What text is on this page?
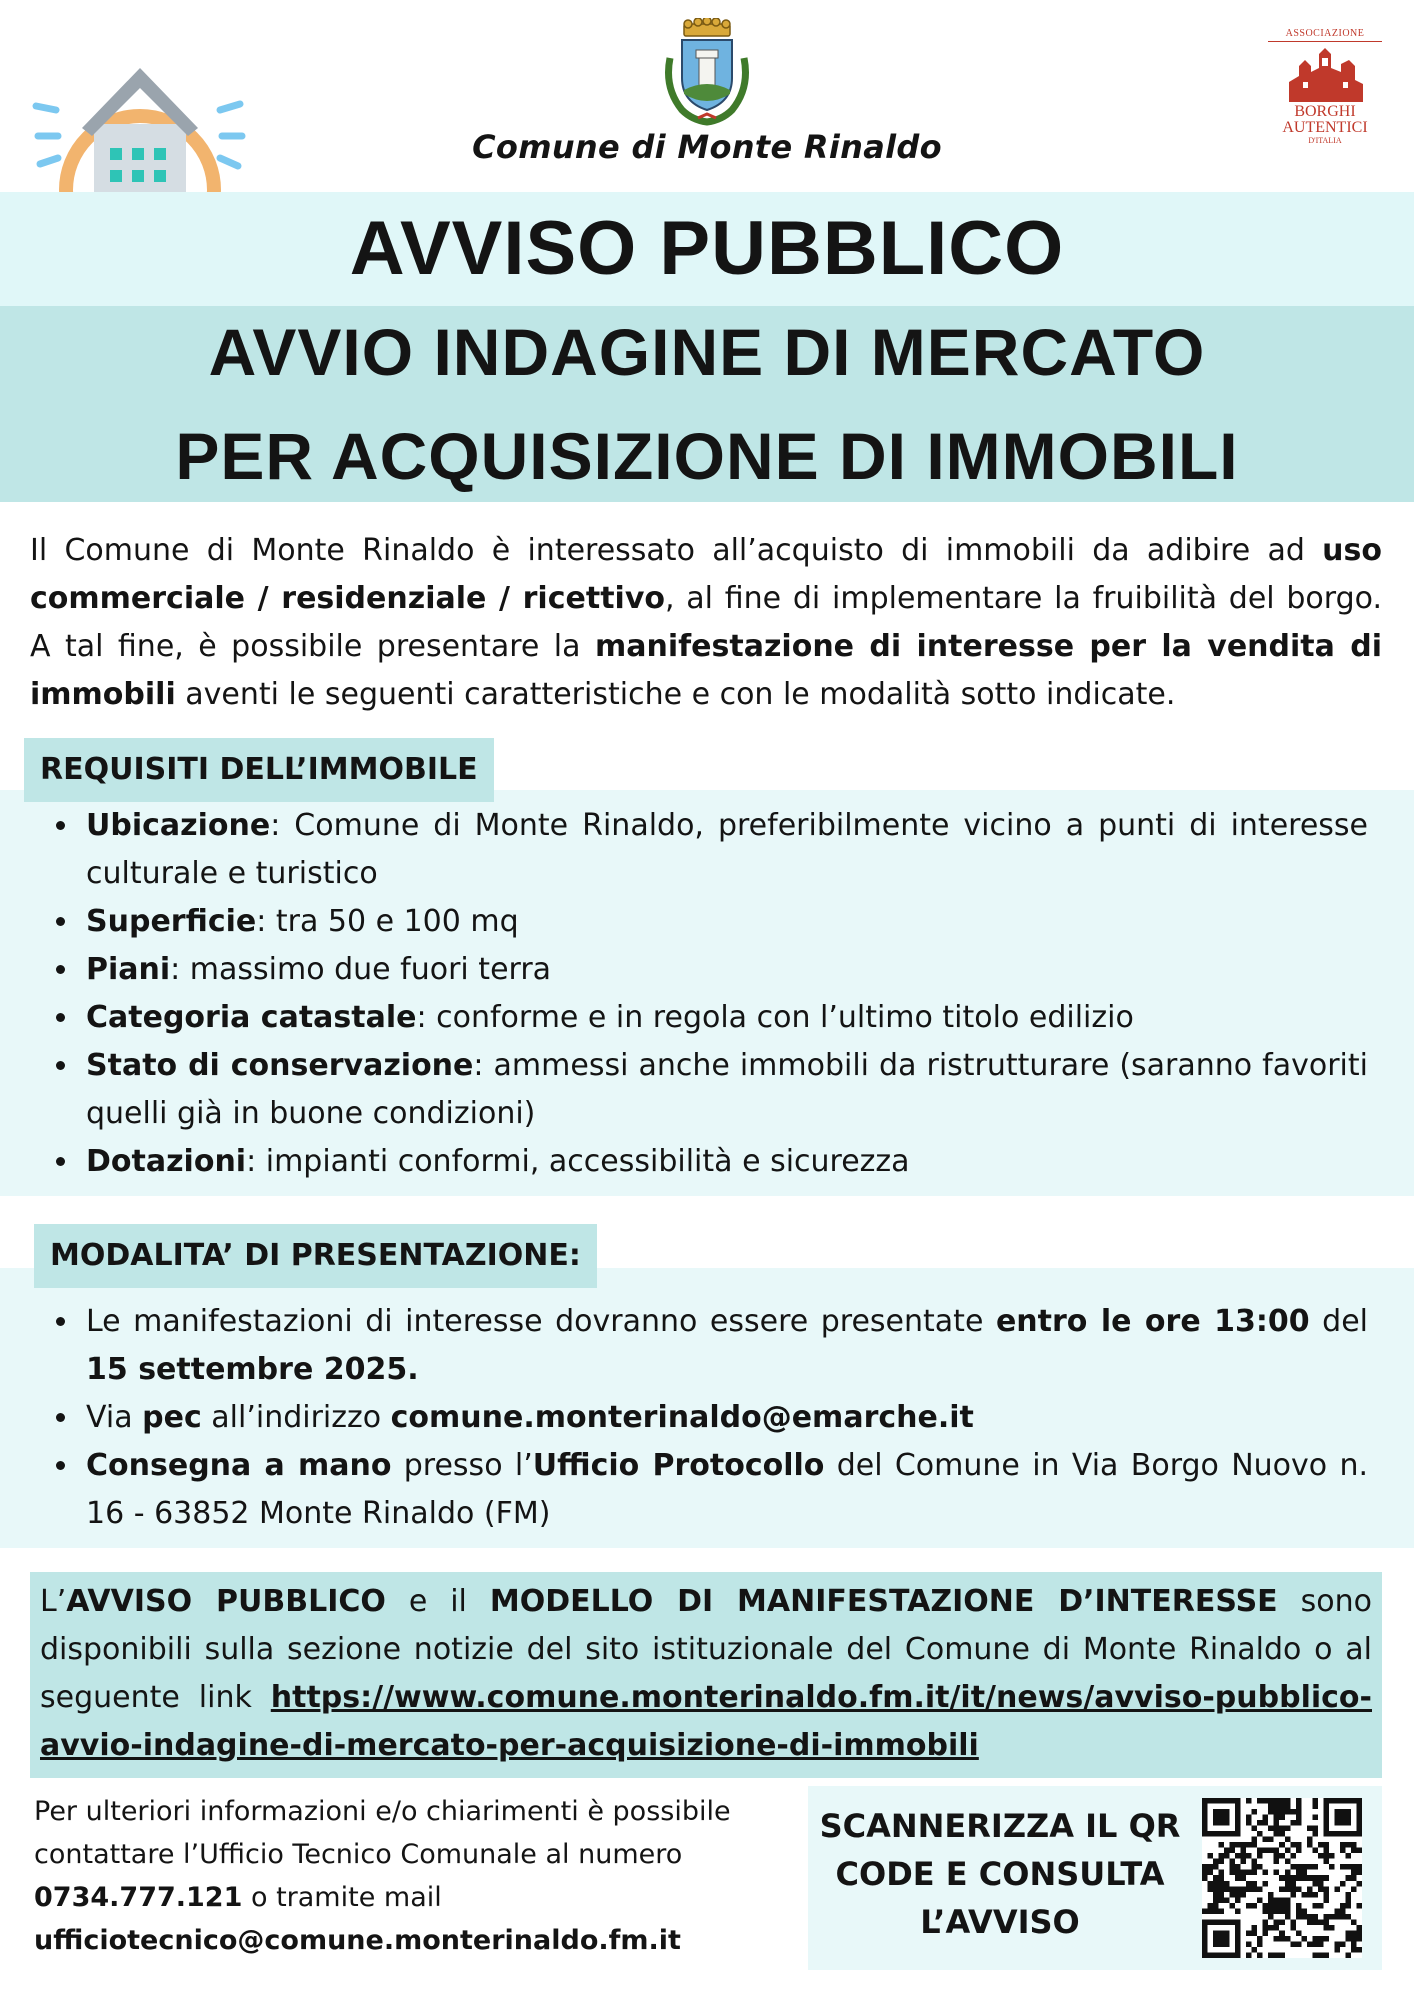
Comune di Monte Rinaldo
ASSOCIAZIONE
BORGHI
AUTENTICI
D'ITALIA
AVVISO PUBBLICO
AVVIO INDAGINE DI MERCATO
PER ACQUISIZIONE DI IMMOBILI
Il Comune di Monte Rinaldo è interessato all’acquisto di immobili da adibire ad uso commerciale / residenziale / ricettivo, al fine di implementare la fruibilità del borgo. A tal fine, è possibile presentare la manifestazione di interesse per la vendita di immobili aventi le seguenti caratteristiche e con le modalità sotto indicate.
REQUISITI DELL’IMMOBILE
Ubicazione: Comune di Monte Rinaldo, preferibilmente vicino a punti di interesse culturale e turistico
Superficie: tra 50 e 100 mq
Piani: massimo due fuori terra
Categoria catastale: conforme e in regola con l’ultimo titolo edilizio
Stato di conservazione: ammessi anche immobili da ristrutturare (saranno favoriti quelli già in buone condizioni)
Dotazioni: impianti conformi, accessibilità e sicurezza
MODALITA’ DI PRESENTAZIONE:
Le manifestazioni di interesse dovranno essere presentate entro le ore 13:00 del 15 settembre 2025.
Via pec all’indirizzo comune.monterinaldo@emarche.it
Consegna a mano presso l’Ufficio Protocollo del Comune in Via Borgo Nuovo n. 16 - 63852 Monte Rinaldo (FM)

L’AVVISO PUBBLICO e il MODELLO DI MANIFESTAZIONE D’INTERESSE sono disponibili sulla sezione notizie del sito istituzionale del Comune di Monte Rinaldo o al seguente link https://www.comune.monterinaldo.fm.it/it/news/avviso-pubblico-avvio-indagine-di-mercato-per-acquisizione-di-immobili

Per ulteriori informazioni e/o chiarimenti è possibile

contattare l’Ufficio Tecnico Comunale al numero

0734.777.121 o tramite mail

ufficiotecnico@comune.monterinaldo.fm.it

SCANNERIZZA IL QR
CODE E CONSULTA
L’AVVISO
